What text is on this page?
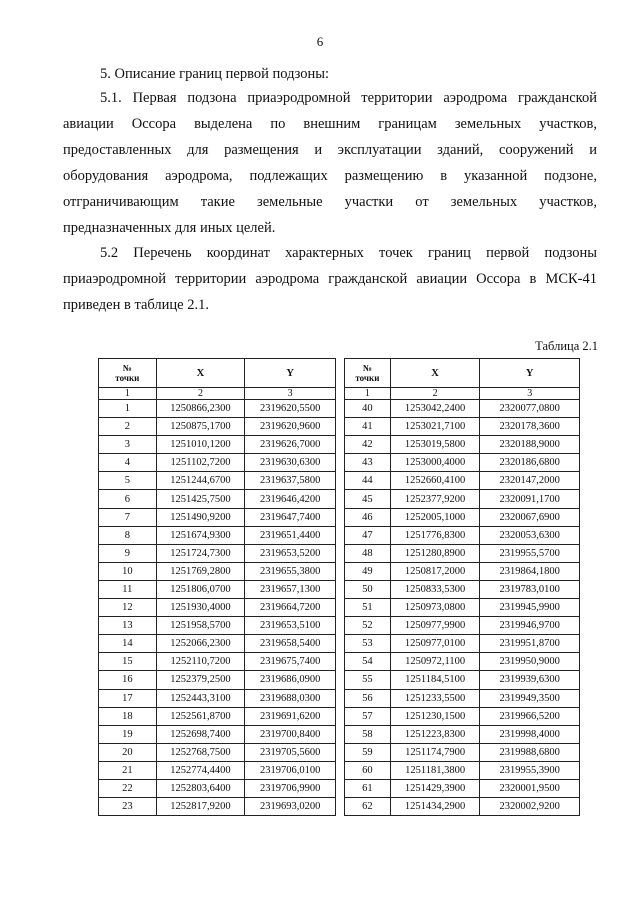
6
5. Описание границ первой подзоны:
5.1. Первая подзона приаэродромной территории аэродрома гражданской авиации Оссора выделена по внешним границам земельных участков, предоставленных для размещения и эксплуатации зданий, сооружений и оборудования аэродрома, подлежащих размещению в указанной подзоне, отграничивающим такие земельные участки от земельных участков, предназначенных для иных целей.
5.2 Перечень координат характерных точек границ первой подзоны приаэродромной территории аэродрома гражданской авиации Оссора в МСК-41 приведен в таблице 2.1.
Таблица 2.1
№
точки	X	Y
1	2	3
1	1250866,2300	2319620,5500
2	1250875,1700	2319620,9600
3	1251010,1200	2319626,7000
4	1251102,7200	2319630,6300
5	1251244,6700	2319637,5800
6	1251425,7500	2319646,4200
7	1251490,9200	2319647,7400
8	1251674,9300	2319651,4400
9	1251724,7300	2319653,5200
10	1251769,2800	2319655,3800
11	1251806,0700	2319657,1300
12	1251930,4000	2319664,7200
13	1251958,5700	2319653,5100
14	1252066,2300	2319658,5400
15	1252110,7200	2319675,7400
16	1252379,2500	2319686,0900
17	1252443,3100	2319688,0300
18	1252561,8700	2319691,6200
19	1252698,7400	2319700,8400
20	1252768,7500	2319705,5600
21	1252774,4400	2319706,0100
22	1252803,6400	2319706,9900
23	1252817,9200	2319693,0200
№
точки	X	Y
1	2	3
40	1253042,2400	2320077,0800
41	1253021,7100	2320178,3600
42	1253019,5800	2320188,9000
43	1253000,4000	2320186,6800
44	1252660,4100	2320147,2000
45	1252377,9200	2320091,1700
46	1252005,1000	2320067,6900
47	1251776,8300	2320053,6300
48	1251280,8900	2319955,5700
49	1250817,2000	2319864,1800
50	1250833,5300	2319783,0100
51	1250973,0800	2319945,9900
52	1250977,9900	2319946,9700
53	1250977,0100	2319951,8700
54	1250972,1100	2319950,9000
55	1251184,5100	2319939,6300
56	1251233,5500	2319949,3500
57	1251230,1500	2319966,5200
58	1251223,8300	2319998,4000
59	1251174,7900	2319988,6800
60	1251181,3800	2319955,3900
61	1251429,3900	2320001,9500
62	1251434,2900	2320002,9200
